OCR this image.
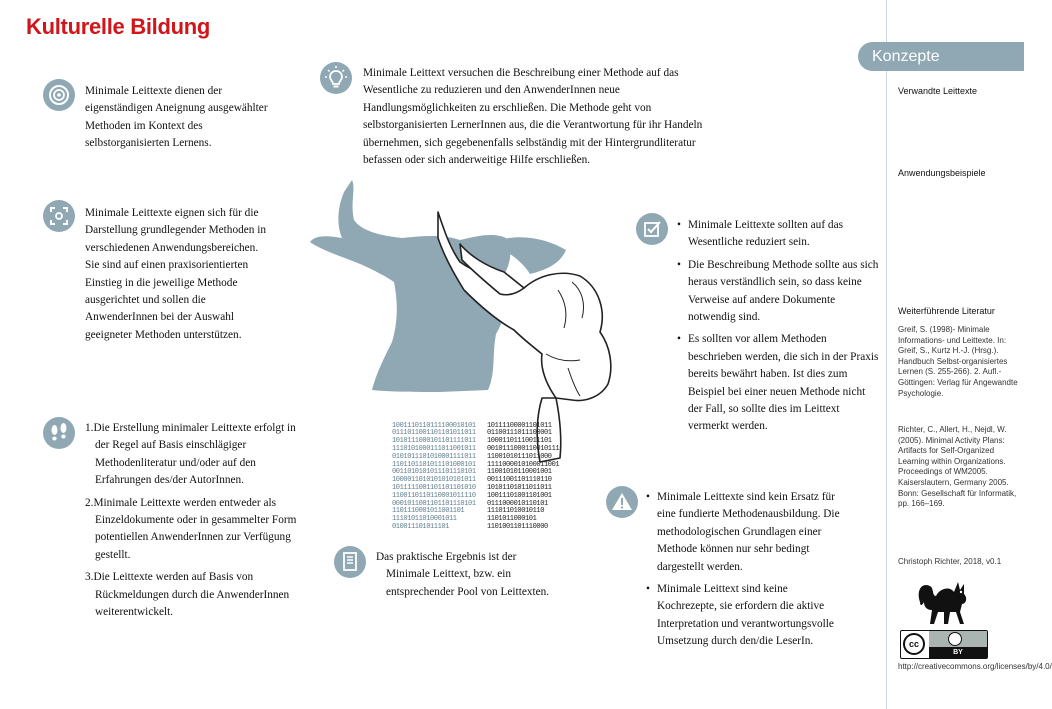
Kulturelle Bildung
Konzepte
Verwandte Leittexte
Anwendungsbeispiele
Weiterführende Literatur
Greif, S. (1998)- Minimale Informations- und Leittexte. In: Greif, S., Kurtz H.-J. (Hrsg.). Handbuch Selbst-organisiertes Lernen (S. 255-266). 2. Aufl.- Göttingen: Verlag für Angewandte Psychologie.
Richter, C., Allert, H., Nejdl, W. (2005). Minimal Activity Plans: Artifacts for Self-Organized Learning within Organizations. Proceedings of WM2005. Kaiserslautern, Germany 2005. Bonn: Gesellschaft für Informatik, pp. 166–169.
Christoph Richter, 2018, v0.1
cc
BY
http://creativecommons.org/licenses/by/4.0/

1001110110111100010101
0111011001101101011011
1010111000101101111011
1110101000111011001011
0101011101010001111011
1101101101011101000101
0011010101011101110101
1000011010101010101011
1011111001101101101010
1100110110110001011110
0001011001101101110101
1101110001011001101
11101011010001011
010011101011101

10111100001101011
01100111011100001
10001101110011101
0010111000110010111
11001010111011000
1111000010100011001
11001010110001001
00111001101110110
10101101011011011
10011101001101001
0111000010110101
111011010010110
1101011000101
1101001101110000

Minimale Leittexte dienen der eigenständigen Aneignung ausgewählter Methoden im Kontext des selbstorganisierten Lernens.
Minimale Leittext versuchen die Beschreibung einer Methode auf das Wesentliche zu reduzieren und den AnwenderInnen neue Handlungsmöglichkeiten zu erschließen. Die Methode geht von selbstorganisierten LernerInnen aus, die die Verantwortung für ihr Handeln übernehmen, sich gegebenenfalls selbständig mit der Hintergrundliteratur befassen oder sich anderweitige Hilfe erschließen.
Minimale Leittexte eignen sich für die Darstellung grundlegender Methoden in verschiedenen Anwendungsbereichen. Sie sind auf einen praxisorientierten Einstieg in die jeweilige Methode ausgerichtet und sollen die AnwenderInnen bei der Auswahl geeigneter Methoden unterstützen.
1.Die Erstellung minimaler Leittexte erfolgt in der Regel auf Basis einschlägiger Methodenliteratur und/oder auf den Erfahrungen des/der AutorInnen.
2.Minimale Leittexte werden entweder als Einzeldokumente oder in gesammelter Form potentiellen AnwenderInnen zur Verfügung gestellt.
3.Die Leittexte werden auf Basis von Rückmeldungen durch die AnwenderInnen weiterentwickelt.
Das praktische Ergebnis ist der Minimale Leittext, bzw. ein entsprechender Pool von Leittexten.
• Minimale Leittexte sollten auf das Wesentliche reduziert sein.
• Die Beschreibung Methode sollte aus sich heraus verständlich sein, so dass keine Verweise auf andere Dokumente notwendig sind.
• Es sollten vor allem Methoden beschrieben werden, die sich in der Praxis bereits bewährt haben. Ist dies zum Beispiel bei einer neuen Methode nicht der Fall, so sollte dies im Leittext vermerkt werden.
• Minimale Leittexte sind kein Ersatz für eine fundierte Methodenausbildung. Die methodologischen Grundlagen einer Methode können nur sehr bedingt dargestellt werden.
• Minimale Leittext sind keine Kochrezepte, sie erfordern die aktive Interpretation und verantwortungsvolle Umsetzung durch den/die LeserIn.
